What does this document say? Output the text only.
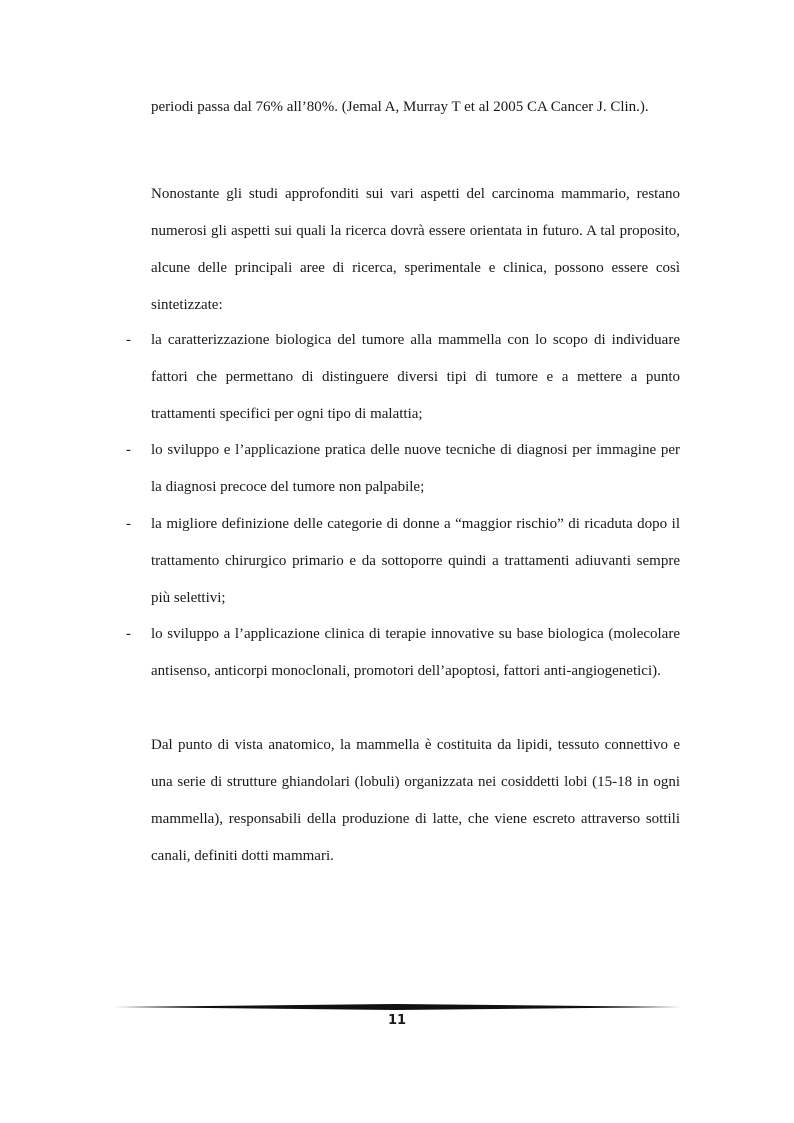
periodi passa dal 76% all’80%. (Jemal A, Murray T et al 2005 CA Cancer J. Clin.).

Nonostante gli studi approfonditi sui vari aspetti del carcinoma mammario, restano numerosi gli aspetti sui quali la ricerca dovrà essere orientata in futuro. A tal proposito, alcune delle principali aree di ricerca, sperimentale e clinica, possono essere così sintetizzate:

- la caratterizzazione biologica del tumore alla mammella con lo scopo di individuare fattori che permettano di distinguere diversi tipi di tumore e a mettere a punto trattamenti specifici per ogni tipo di malattia;

- lo sviluppo e l’applicazione pratica delle nuove tecniche di diagnosi per immagine per la diagnosi precoce del tumore non palpabile;

- la migliore definizione delle categorie di donne a “maggior rischio” di ricaduta dopo il trattamento chirurgico primario e da sottoporre quindi a trattamenti adiuvanti sempre più selettivi;

- lo sviluppo a l’applicazione clinica di terapie innovative su base biologica (molecolare antisenso, anticorpi monoclonali, promotori dell’apoptosi, fattori anti-angiogenetici).

Dal punto di vista anatomico, la mammella è costituita da lipidi, tessuto connettivo e una serie di strutture ghiandolari (lobuli) organizzata nei cosiddetti lobi (15-18 in ogni mammella), responsabili della produzione di latte, che viene escreto attraverso sottili canali, definiti dotti mammari.

11
